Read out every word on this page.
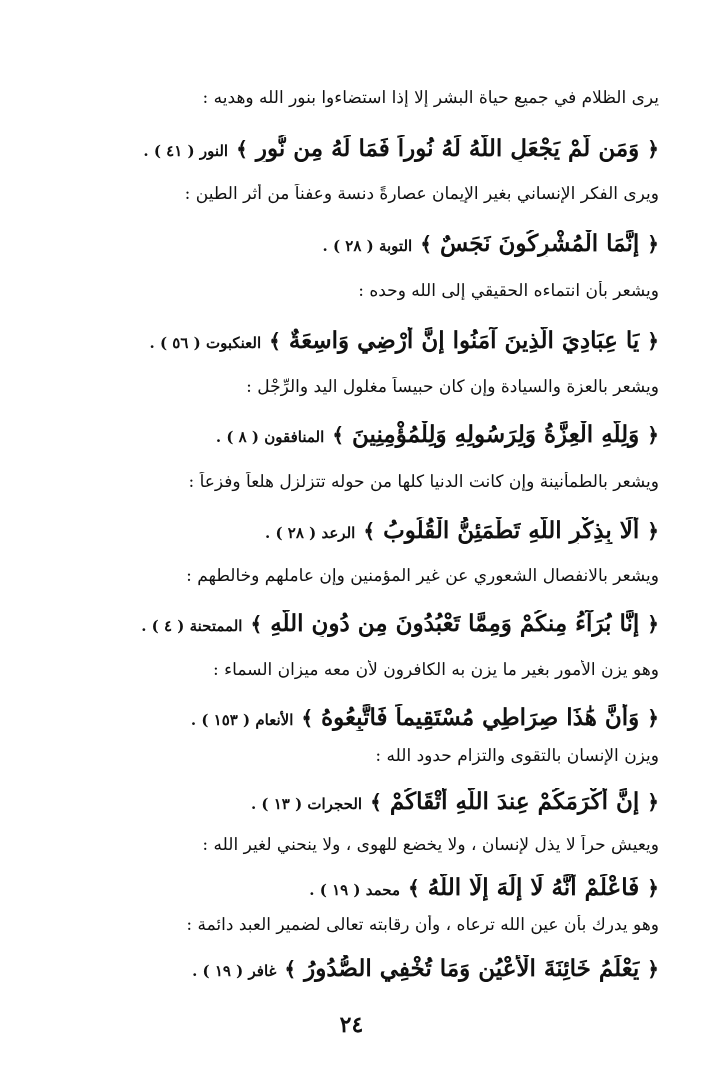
يرى الظلام في جميع حياة البشر إلا إذا استضاءوا بنور الله وهديه :
﴿ وَمَن لَّمْ يَجْعَلِ اللَّهُ لَهُ نُوراً فَمَا لَهُ مِن نُّورٍ ﴾ النور ( ٤١ ) .
ويرى الفكر الإنساني بغير الإيمان عصارةً دنسة وعفناً من أثر الطين :
﴿ إِنَّمَا الْمُشْرِكُونَ نَجَسٌ ﴾ التوبة ( ٢٨ ) .
ويشعر بأن انتماءه الحقيقي إلى الله وحده :
﴿ يَا عِبَادِيَ الَّذِينَ آمَنُوا إِنَّ أَرْضِي وَاسِعَةٌ ﴾ العنكبوت ( ٥٦ ) .
ويشعر بالعزة والسيادة وإن كان حبيساً مغلول اليد والرِّجْل :
﴿ وَلِلَّهِ الْعِزَّةُ وَلِرَسُولِهِ وَلِلْمُؤْمِنِينَ ﴾ المنافقون ( ٨ ) .
ويشعر بالطمأنينة وإن كانت الدنيا كلها من حوله تتزلزل هلعاً وفزعاً :
﴿ أَلَا بِذِكْرِ اللَّهِ تَطْمَئِنُّ الْقُلُوبُ ﴾ الرعد ( ٢٨ ) .
ويشعر بالانفصال الشعوري عن غير المؤمنين وإن عاملهم وخالطهم :
﴿ إِنَّا بُرَآءُ مِنكُمْ وَمِمَّا تَعْبُدُونَ مِن دُونِ اللَّهِ ﴾ الممتحنة ( ٤ ) .
وهو يزن الأمور بغير ما يزن به الكافرون لأن معه ميزان السماء :
﴿ وَأَنَّ هَٰذَا صِرَاطِي مُسْتَقِيماً فَاتَّبِعُوهُ ﴾ الأنعام ( ١٥٣ ) .
ويزن الإنسان بالتقوى والتزام حدود الله :
﴿ إِنَّ أَكْرَمَكُمْ عِندَ اللَّهِ أَتْقَاكُمْ ﴾ الحجرات ( ١٣ ) .
ويعيش حراً لا يذل لإنسان ، ولا يخضع للهوى ، ولا ينحني لغير الله :
﴿ فَاعْلَمْ أَنَّهُ لَا إِلَٰهَ إِلَّا اللَّهُ ﴾ محمد ( ١٩ ) .
وهو يدرك بأن عين الله ترعاه ، وأن رقابته تعالى لضمير العبد دائمة :
﴿ يَعْلَمُ خَائِنَةَ الْأَعْيُنِ وَمَا تُخْفِي الصُّدُورُ ﴾ غافر ( ١٩ ) .
٢٤
